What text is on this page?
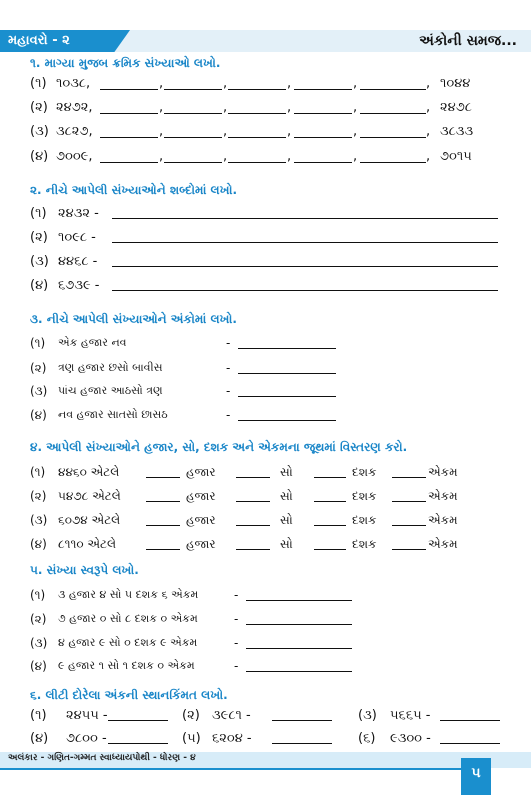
મહાવરો - ૨	અંકોની સમજ...
૧. માગ્યા મુજબ ક્રમિક સંખ્યાઓ લખો.
(૧) ૧૦૩૮,	,	,	,	,	, ૧૦૪૪
(૨) ૨૪૭૨,	,	,	,	,	, ૨૪૭૮
(૩) ૩૮૨૭,	,	,	,	,	, ૩૮૩૩
(૪) ૭૦૦૯,	,	,	,	,	, ૭૦૧૫
૨. નીચે આપેલી સંખ્યાઓને શબ્દોમાં લખો.
(૧) ૨૪૩૨ -
(૨) ૧૦૯૮ -
(૩) ૪૪૬૮ -
(૪) ૬૭૩૯ -
૩. નીચે આપેલી સંખ્યાઓને અંકોમાં લખો.
(૧) એક હજાર નવ	-
(૨) ત્રણ હજાર છસો બાવીસ	-
(૩) પાંચ હજાર આઠસો ત્રણ	-
(૪) નવ હજાર સાતસો છાસઠ	-
૪. આપેલી સંખ્યાઓને હજાર, સો, દશક અને એકમના જૂથમાં વિસ્તરણ કરો.
(૧) ૪૪૬૦ એટલે	હજાર	સો	દશક	એકમ
(૨) ૫૪૭૮ એટલે	હજાર	સો	દશક	એકમ
(૩) ૬૦૭૪ એટલે	હજાર	સો	દશક	એકમ
(૪) ૮૧૧૦ એટલે	હજાર	સો	દશક	એકમ
૫. સંખ્યા સ્વરૂપે લખો.
(૧) ૩ હજાર ૪ સો ૫ દશક ૬ એકમ	-
(૨) ૭ હજાર ૦ સો ૮ દશક ૦ એકમ	-
(૩) ૪ હજાર ૯ સો ૦ દશક ૯ એકમ	-
(૪) ૯ હજાર ૧ સો ૧ દશક ૦ એકમ	-
૬. લીટી દોરેલા અંકની સ્થાનકિંમત લખો.
(૧) ૨૪૫૫ -	(૨) ૩૯૮૧ -	(૩) ૫૬૬૫ -
(૪) ૭૮૦૦ -	(૫) ૬૨૦૪ -	(૬) ૯૩૦૦ -
અલંકાર - ગણિત-ગમ્મત સ્વાધ્યાયપોથી - ધોરણ - ૪
૫
